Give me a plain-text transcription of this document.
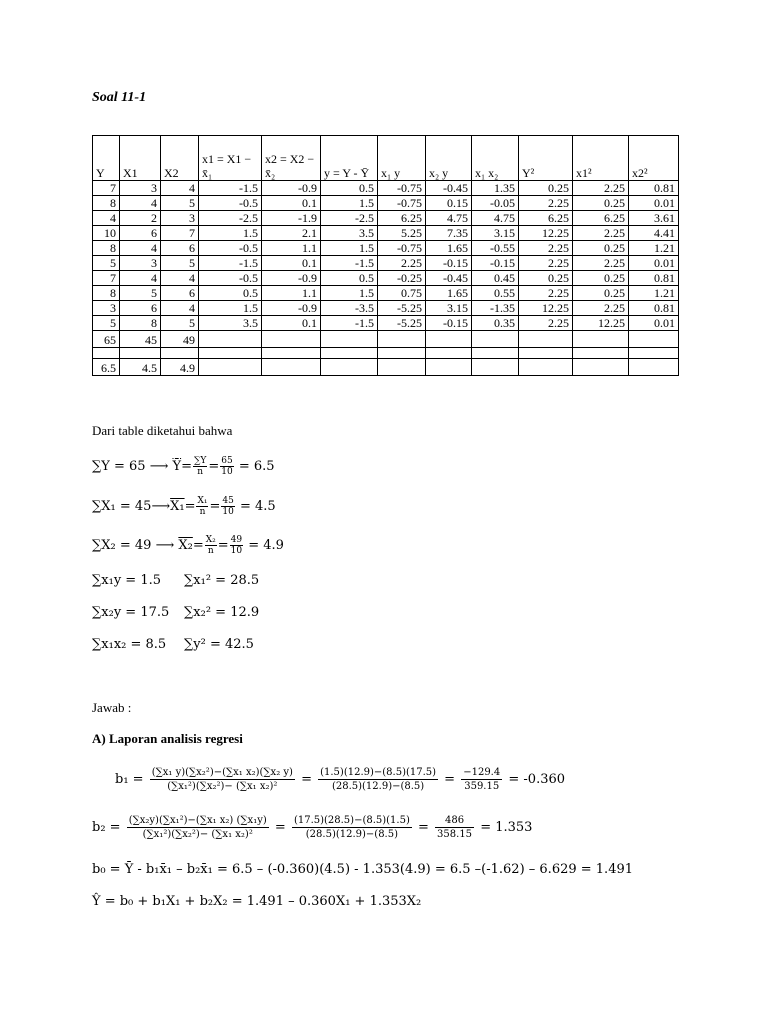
Soal 11-1
Y	X1	X2	x1 = X1 − x̄₁	x2 = X2 − x̄₂	y = Y - Ȳ	x₁ y	x₂ y	x₁ x₂	Y²	x1²	x2²
7	3	4	-1.5	-0.9	0.5	-0.75	-0.45	1.35	0.25	2.25	0.81
8	4	5	-0.5	0.1	1.5	-0.75	0.15	-0.05	2.25	0.25	0.01
4	2	3	-2.5	-1.9	-2.5	6.25	4.75	4.75	6.25	6.25	3.61
10	6	7	1.5	2.1	3.5	5.25	7.35	3.15	12.25	2.25	4.41
8	4	6	-0.5	1.1	1.5	-0.75	1.65	-0.55	2.25	0.25	1.21
5	3	5	-1.5	0.1	-1.5	2.25	-0.15	-0.15	2.25	2.25	0.01
7	4	4	-0.5	-0.9	0.5	-0.25	-0.45	0.45	0.25	0.25	0.81
8	5	6	0.5	1.1	1.5	0.75	1.65	0.55	2.25	0.25	1.21
3	6	4	1.5	-0.9	-3.5	-5.25	3.15	-1.35	12.25	2.25	0.81
5	8	5	3.5	0.1	-1.5	-5.25	-0.15	0.35	2.25	12.25	0.01
65	45	49									

6.5	4.5	4.9									
Dari table diketahui bahwa
∑Y = 65 ⟶ $\overline{Ȳ}= \frac{\sum Y}{n} = \frac{65}{10} = 6.5$
∑X₁ = 45⟶X₁= $\frac{\text{X₁}}{n} = \frac{45}{10} = 4.5$
∑X₂ = 49 ⟶ $X_2= \frac{\text{X₂}}{n} = \frac{49}{10} = 4.9$
∑x₁y = 1.5 ∑x₁² = 28.5
∑x₂y = 17.5 ∑x₂² = 12.9
∑x₁x₂ = 8.5 ∑y² = 42.5
Jawab :
A) Laporan analisis regresi
$b_1 = \frac{\text{(∑x₁ y)(∑x₂²)−(∑x₁ x₂)(∑x₂ y)}}{\text{(∑x₁²)(∑x₂²)− (∑x₁ x₂)²}} = \frac{(1.5)(12.9)-(8.5)(17.5)}{(28.5)(12.9)-(8.5)} = \frac{-129.4}{359.15} = -0.360$
$b_2 = \frac{\text{(∑x₂y)(∑x₁²)−(∑x₁ x₂) (∑x₁y)}}{\text{(∑x₁²)(∑x₂²)− (∑x₁ x₂)²}} = \frac{(17.5)(28.5)-(8.5)(1.5)}{(28.5)(12.9)-(8.5)} = \frac{486}{358.15} = 1.353$
b₀ = Ȳ - b₁x̄₁ – b₂x̄₁ = 6.5 – (-0.360)(4.5) - 1.353(4.9) = 6.5 –(-1.62) – 6.629 = 1.491
Ŷ = b₀ + b₁X₁ + b₂X₂ = 1.491 – 0.360X₁ + 1.353X₂
